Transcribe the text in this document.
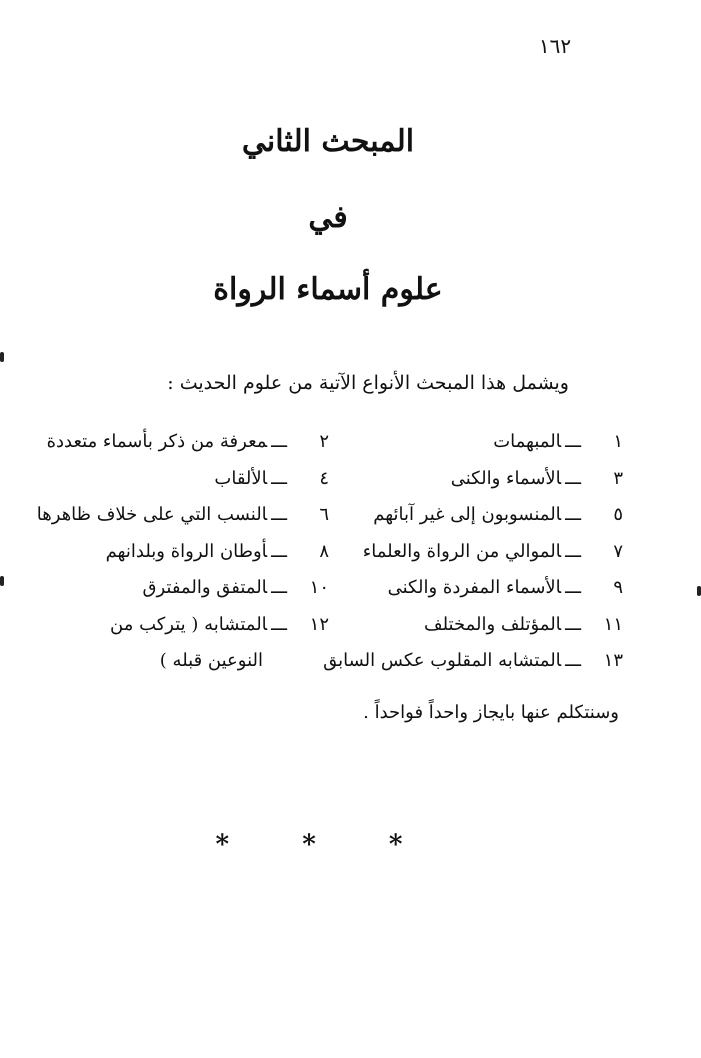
١٦٢
المبحث الثاني
في
علوم أسماء الرواة
ويشمل هذا المبحث الأنواع الآتية من علوم الحديث :
١ـــالمبهمات
٣ـــالأسماء والكنى
٥ـــالمنسوبون إلى غير آبائهم
٧ـــالموالي من الرواة والعلماء
٩ـــالأسماء المفردة والكنى
١١ـــالمؤتلف والمختلف
١٣ـــالمتشابه المقلوب عكس السابق
٢ـــمعرفة من ذكر بأسماء متعددة
٤ـــالألقاب
٦ـــالنسب التي على خلاف ظاهرها
٨ـــأوطان الرواة وبلدانهم
١٠ـــالمتفق والمفترق
١٢ـــالمتشابه ( يتركب من
النوعين قبله )
وسنتكلم عنها بايجاز واحداً فواحداً .
* * *
